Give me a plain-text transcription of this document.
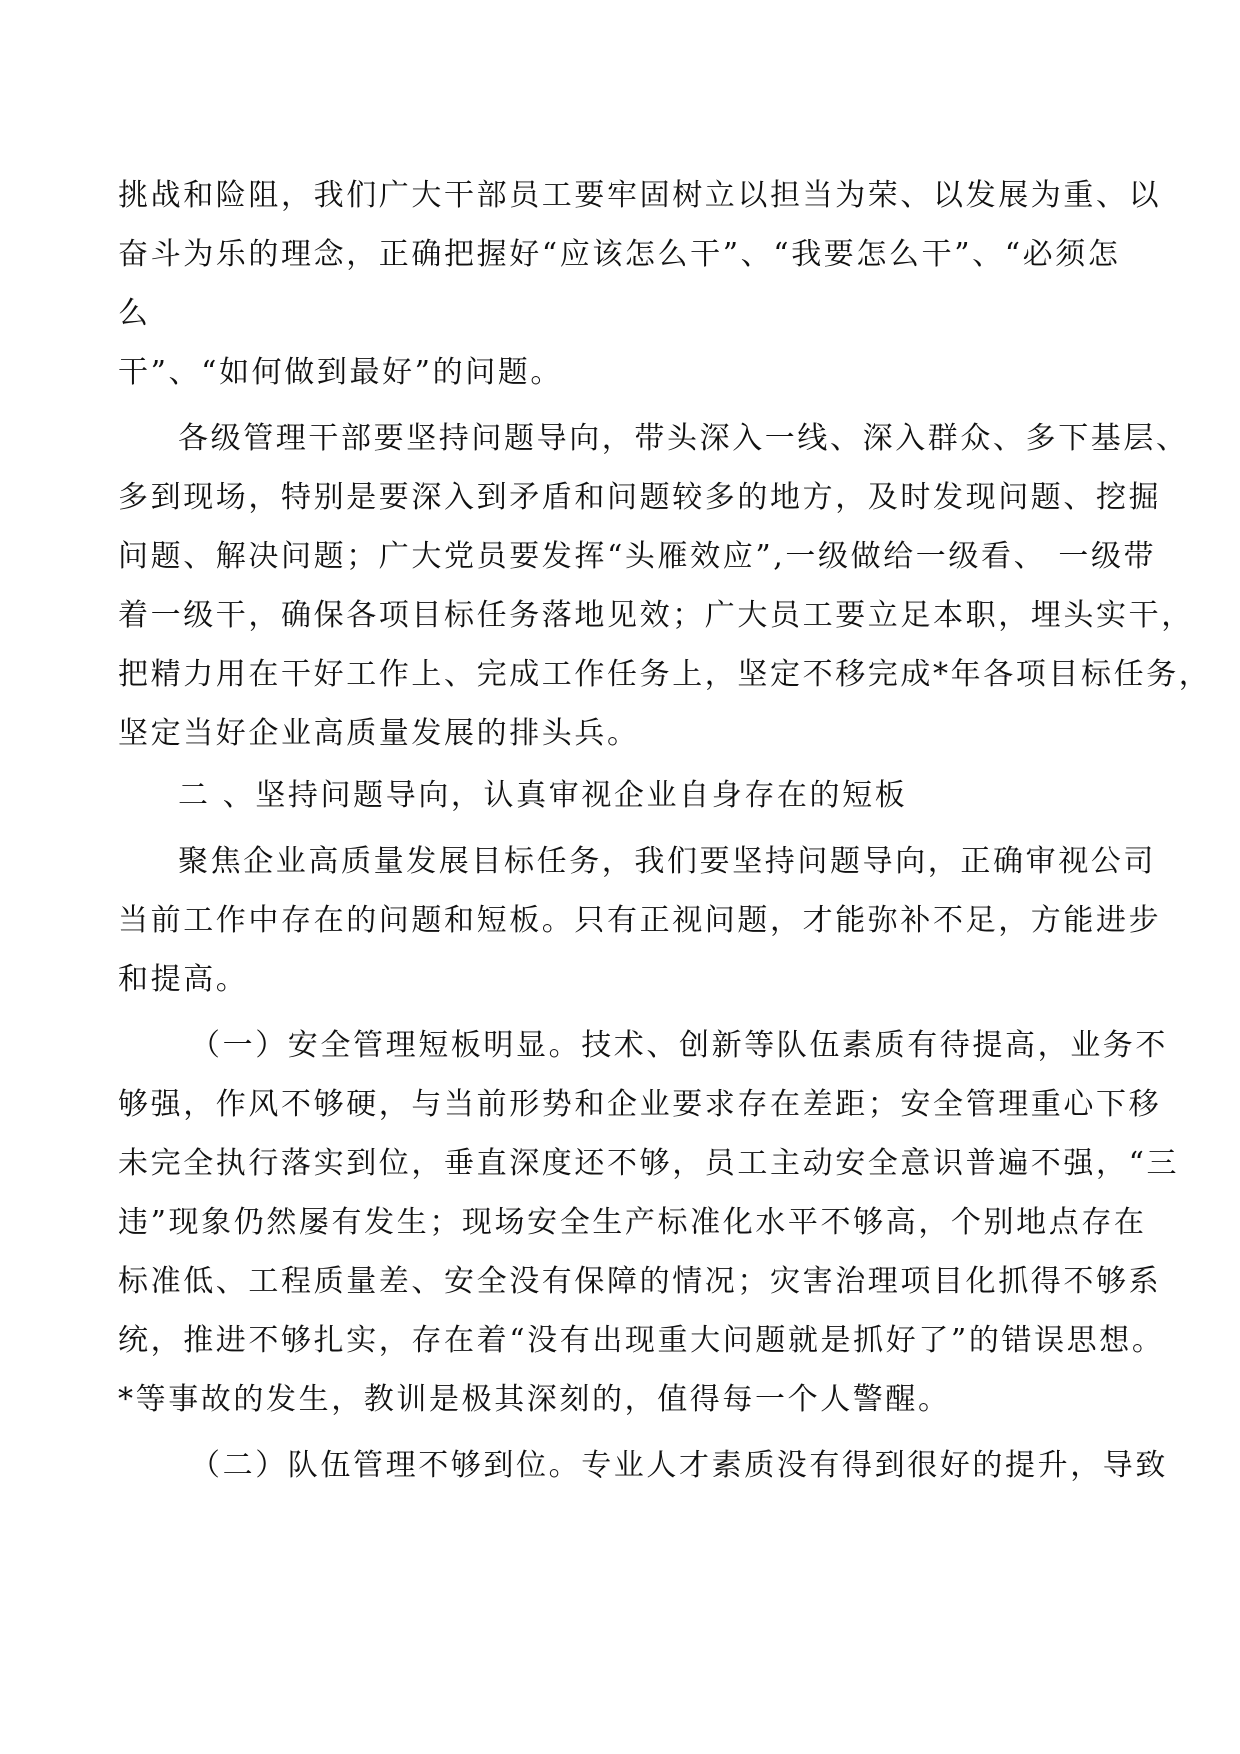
挑战和险阻，我们广大干部员工要牢固树立以担当为荣、以发展为重、以
奋斗为乐的理念，正确把握好“应该怎么干”、“我要怎么干”、“必须怎
么
干”、“如何做到最好”的问题。
各级管理干部要坚持问题导向，带头深入一线、深入群众、多下基层、
多到现场，特别是要深入到矛盾和问题较多的地方，及时发现问题、挖掘
问题、解决问题；广大党员要发挥“头雁效应”,一级做给一级看、 一级带
着一级干，确保各项目标任务落地见效；广大员工要立足本职，埋头实干，
把精力用在干好工作上、完成工作任务上，坚定不移完成*年各项目标任务，
坚定当好企业高质量发展的排头兵。
二 、坚持问题导向，认真审视企业自身存在的短板
聚焦企业高质量发展目标任务，我们要坚持问题导向，正确审视公司
当前工作中存在的问题和短板。只有正视问题，才能弥补不足，方能进步
和提高。
（一）安全管理短板明显。技术、创新等队伍素质有待提高，业务不
够强，作风不够硬，与当前形势和企业要求存在差距；安全管理重心下移
未完全执行落实到位，垂直深度还不够，员工主动安全意识普遍不强，“三
违”现象仍然屡有发生；现场安全生产标准化水平不够高，个别地点存在
标准低、工程质量差、安全没有保障的情况；灾害治理项目化抓得不够系
统，推进不够扎实，存在着“没有出现重大问题就是抓好了”的错误思想。
*等事故的发生，教训是极其深刻的，值得每一个人警醒。
（二）队伍管理不够到位。专业人才素质没有得到很好的提升，导致
